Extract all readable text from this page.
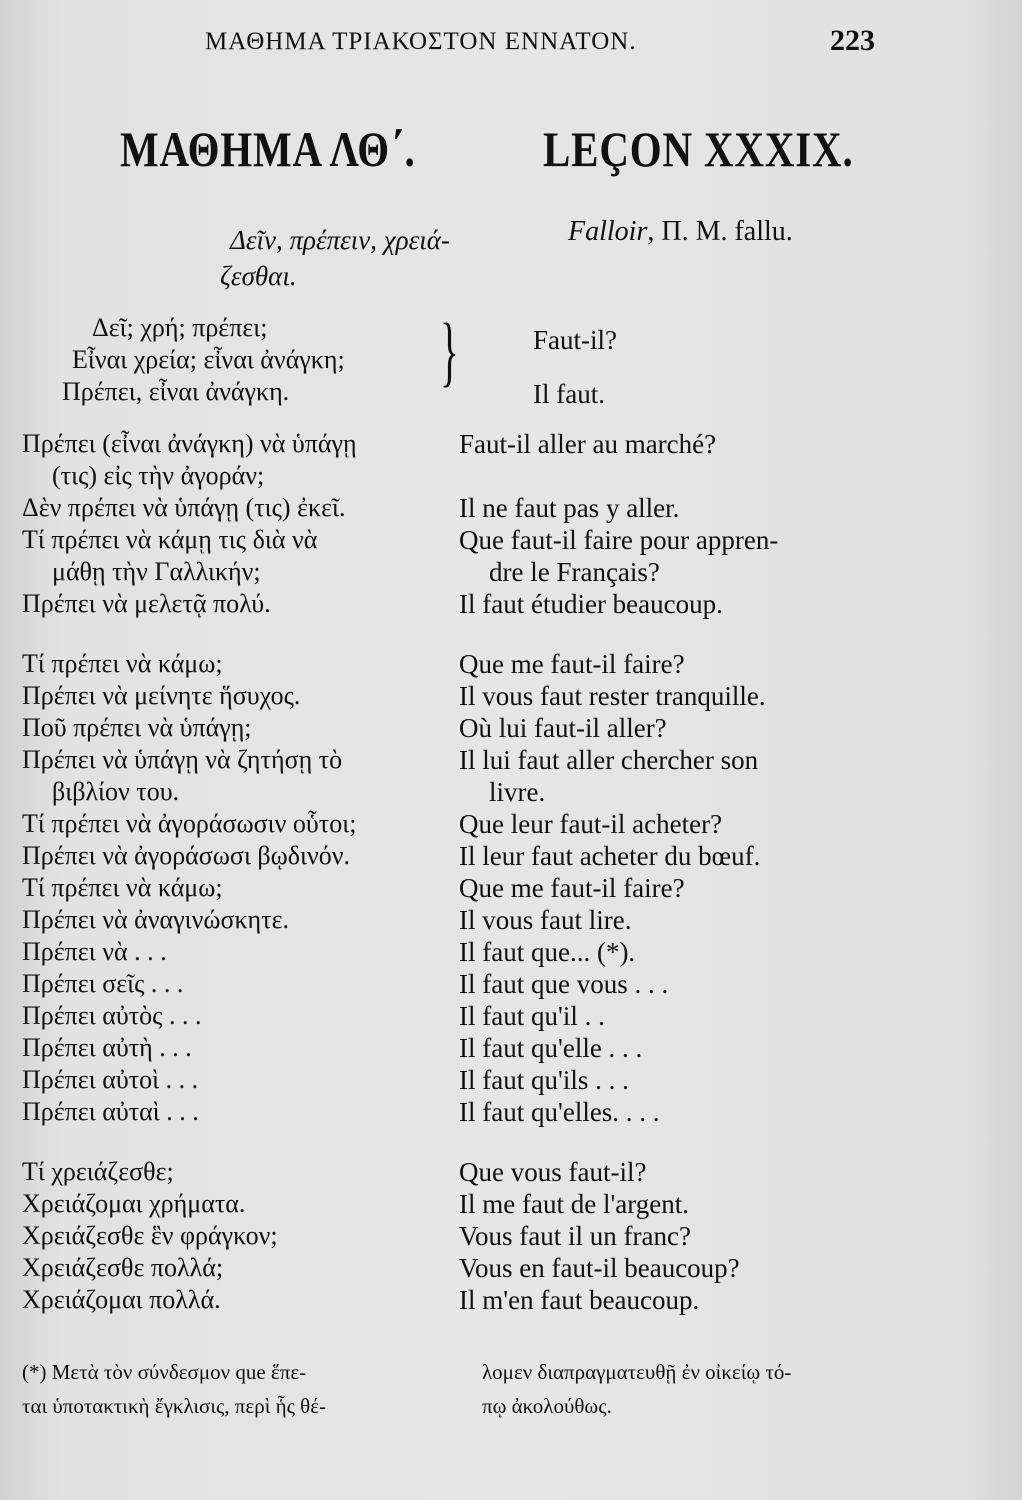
ΜΑΘΗΜΑ ΤΡΙΑΚΟΣΤΟΝ ΕΝΝΑΤΟΝ.	223
ΜΑΘΗΜΑ ΛΘ΄.	LEÇON XXXIX.
Δεῖν, πρέπειν, χρειά-
ζεσθαι.
Falloir, Π. Μ. fallu.
Δεῖ; χρή; πρέπει;
Εἶναι χρεία; εἶναι ἀνάγκη;
Πρέπει, εἶναι ἀνάγκη.	}	Faut-il?
Il faut.
Πρέπει (εἶναι ἀνάγκη) νὰ ὑπάγῃ
(τις) εἰς τὴν ἀγοράν;
Δὲν πρέπει νὰ ὑπάγῃ (τις) ἐκεῖ.
Τί πρέπει νὰ κάμῃ τις διὰ νὰ
μάθῃ τὴν Γαλλικήν;
Πρέπει νὰ μελετᾷ πολύ.
Faut-il aller au marché?
Il ne faut pas y aller.
Que faut-il faire pour appren-
dre le Français?
Il faut étudier beaucoup.
Τί πρέπει νὰ κάμω;
Πρέπει νὰ μείνητε ἥσυχος.
Ποῦ πρέπει νὰ ὑπάγῃ;
Πρέπει νὰ ὑπάγῃ νὰ ζητήσῃ τὸ
βιβλίον του.
Τί πρέπει νὰ ἀγοράσωσιν οὗτοι;
Πρέπει νὰ ἀγοράσωσι βῳδινόν.
Τί πρέπει νὰ κάμω;
Πρέπει νὰ ἀναγινώσκητε.
Πρέπει νὰ . . .
Πρέπει σεῖς . . .
Πρέπει αὐτὸς . . .
Πρέπει αὐτὴ . . .
Πρέπει αὐτοὶ . . .
Πρέπει αὐταὶ . . .
Que me faut-il faire?
Il vous faut rester tranquille.
Où lui faut-il aller?
Il lui faut aller chercher son
livre.
Que leur faut-il acheter?
Il leur faut acheter du bœuf.
Que me faut-il faire?
Il vous faut lire.
Il faut que... (*).
Il faut que vous . . .
Il faut qu'il . .
Il faut qu'elle . . .
Il faut qu'ils . . .
Il faut qu'elles. . . .
Τί χρειάζεσθε;
Χρειάζομαι χρήματα.
Χρειάζεσθε ἓν φράγκον;
Χρειάζεσθε πολλά;
Χρειάζομαι πολλά.
Que vous faut-il?
Il me faut de l'argent.
Vous faut il un franc?
Vous en faut-il beaucoup?
Il m'en faut beaucoup.
(*) Μετὰ τὸν σύνδεσμον que ἕπε-
ται ὑποτακτικὴ ἔγκλισις, περὶ ἧς θέ-
λομεν διαπραγματευθῇ ἐν οἰκείῳ τό-
πῳ ἀκολούθως.
